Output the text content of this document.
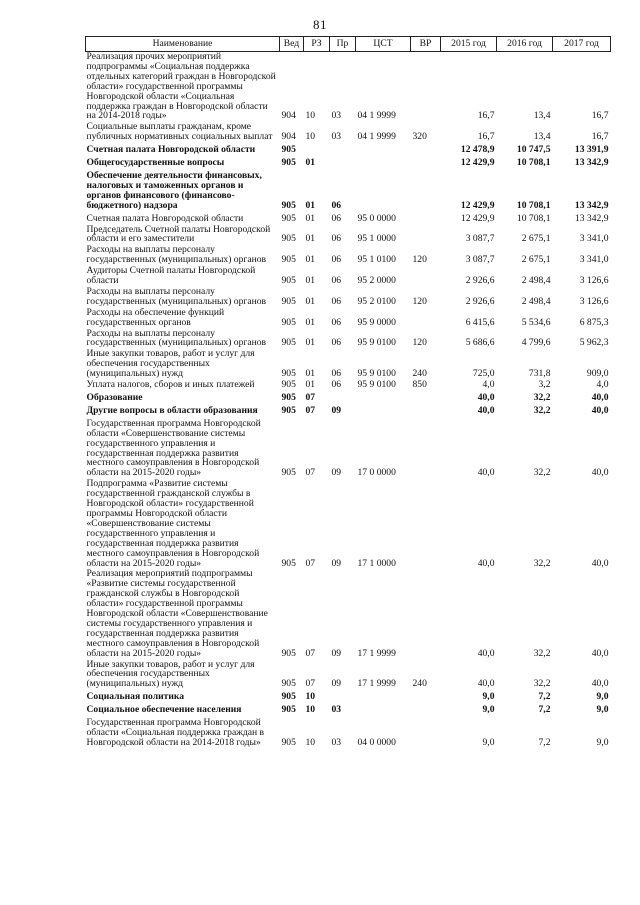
81
Наименование	Вед	РЗ	Пр	ЦСТ	ВР	2015 год	2016 год	2017 год
Реализация прочих мероприятий подпрограммы «Социальная поддержка отдельных категорий граждан в Новгородской области» государственной программы Новгородской области «Социальная поддержка граждан в Новгородской области на 2014-2018 годы»	904	10	03	04 1 9999		16,7	13,4	16,7
Социальные выплаты гражданам, кроме публичных нормативных социальных выплат	904	10	03	04 1 9999	320	16,7	13,4	16,7
Счетная палата Новгородской области	905					12 478,9	10 747,5	13 391,9
Общегосударственные вопросы	905	01				12 429,9	10 708,1	13 342,9
Обеспечение деятельности финансовых, налоговых и таможенных органов и органов финансового (финансово-бюджетного) надзора	905	01	06			12 429,9	10 708,1	13 342,9
Счетная палата Новгородской области	905	01	06	95 0 0000		12 429,9	10 708,1	13 342,9
Председатель Счетной палаты Новгородской области и его заместители	905	01	06	95 1 0000		3 087,7	2 675,1	3 341,0
Расходы на выплаты персоналу государственных (муниципальных) органов	905	01	06	95 1 0100	120	3 087,7	2 675,1	3 341,0
Аудиторы Счетной палаты Новгородской области	905	01	06	95 2 0000		2 926,6	2 498,4	3 126,6
Расходы на выплаты персоналу государственных (муниципальных) органов	905	01	06	95 2 0100	120	2 926,6	2 498,4	3 126,6
Расходы на обеспечение функций государственных органов	905	01	06	95 9 0000		6 415,6	5 534,6	6 875,3
Расходы на выплаты персоналу государственных (муниципальных) органов	905	01	06	95 9 0100	120	5 686,6	4 799,6	5 962,3
Иные закупки товаров, работ и услуг для обеспечения государственных (муниципальных) нужд	905	01	06	95 9 0100	240	725,0	731,8	909,0
Уплата налогов, сборов и иных платежей	905	01	06	95 9 0100	850	4,0	3,2	4,0
Образование	905	07				40,0	32,2	40,0
Другие вопросы в области образования	905	07	09			40,0	32,2	40,0
Государственная программа Новгородской области «Совершенствование системы государственного управления и государственная поддержка развития местного самоуправления в Новгородской области на 2015-2020 годы»	905	07	09	17 0 0000		40,0	32,2	40,0
Подпрограмма «Развитие системы государственной гражданской службы в Новгородской области» государственной программы Новгородской области «Совершенствование системы государственного управления и государственная поддержка развития местного самоуправления в Новгородской области на 2015-2020 годы»	905	07	09	17 1 0000		40,0	32,2	40,0
Реализация мероприятий подпрограммы «Развитие системы государственной гражданской службы в Новгородской области» государственной программы Новгородской области «Совершенствование системы государственного управления и государственная поддержка развития местного самоуправления в Новгородской области на 2015-2020 годы»	905	07	09	17 1 9999		40,0	32,2	40,0
Иные закупки товаров, работ и услуг для обеспечения государственных (муниципальных) нужд	905	07	09	17 1 9999	240	40,0	32,2	40,0
Социальная политика	905	10				9,0	7,2	9,0
Социальное обеспечение населения	905	10	03			9,0	7,2	9,0
Государственная программа Новгородской области «Социальная поддержка граждан в Новгородской области на 2014-2018 годы»	905	10	03	04 0 0000		9,0	7,2	9,0
